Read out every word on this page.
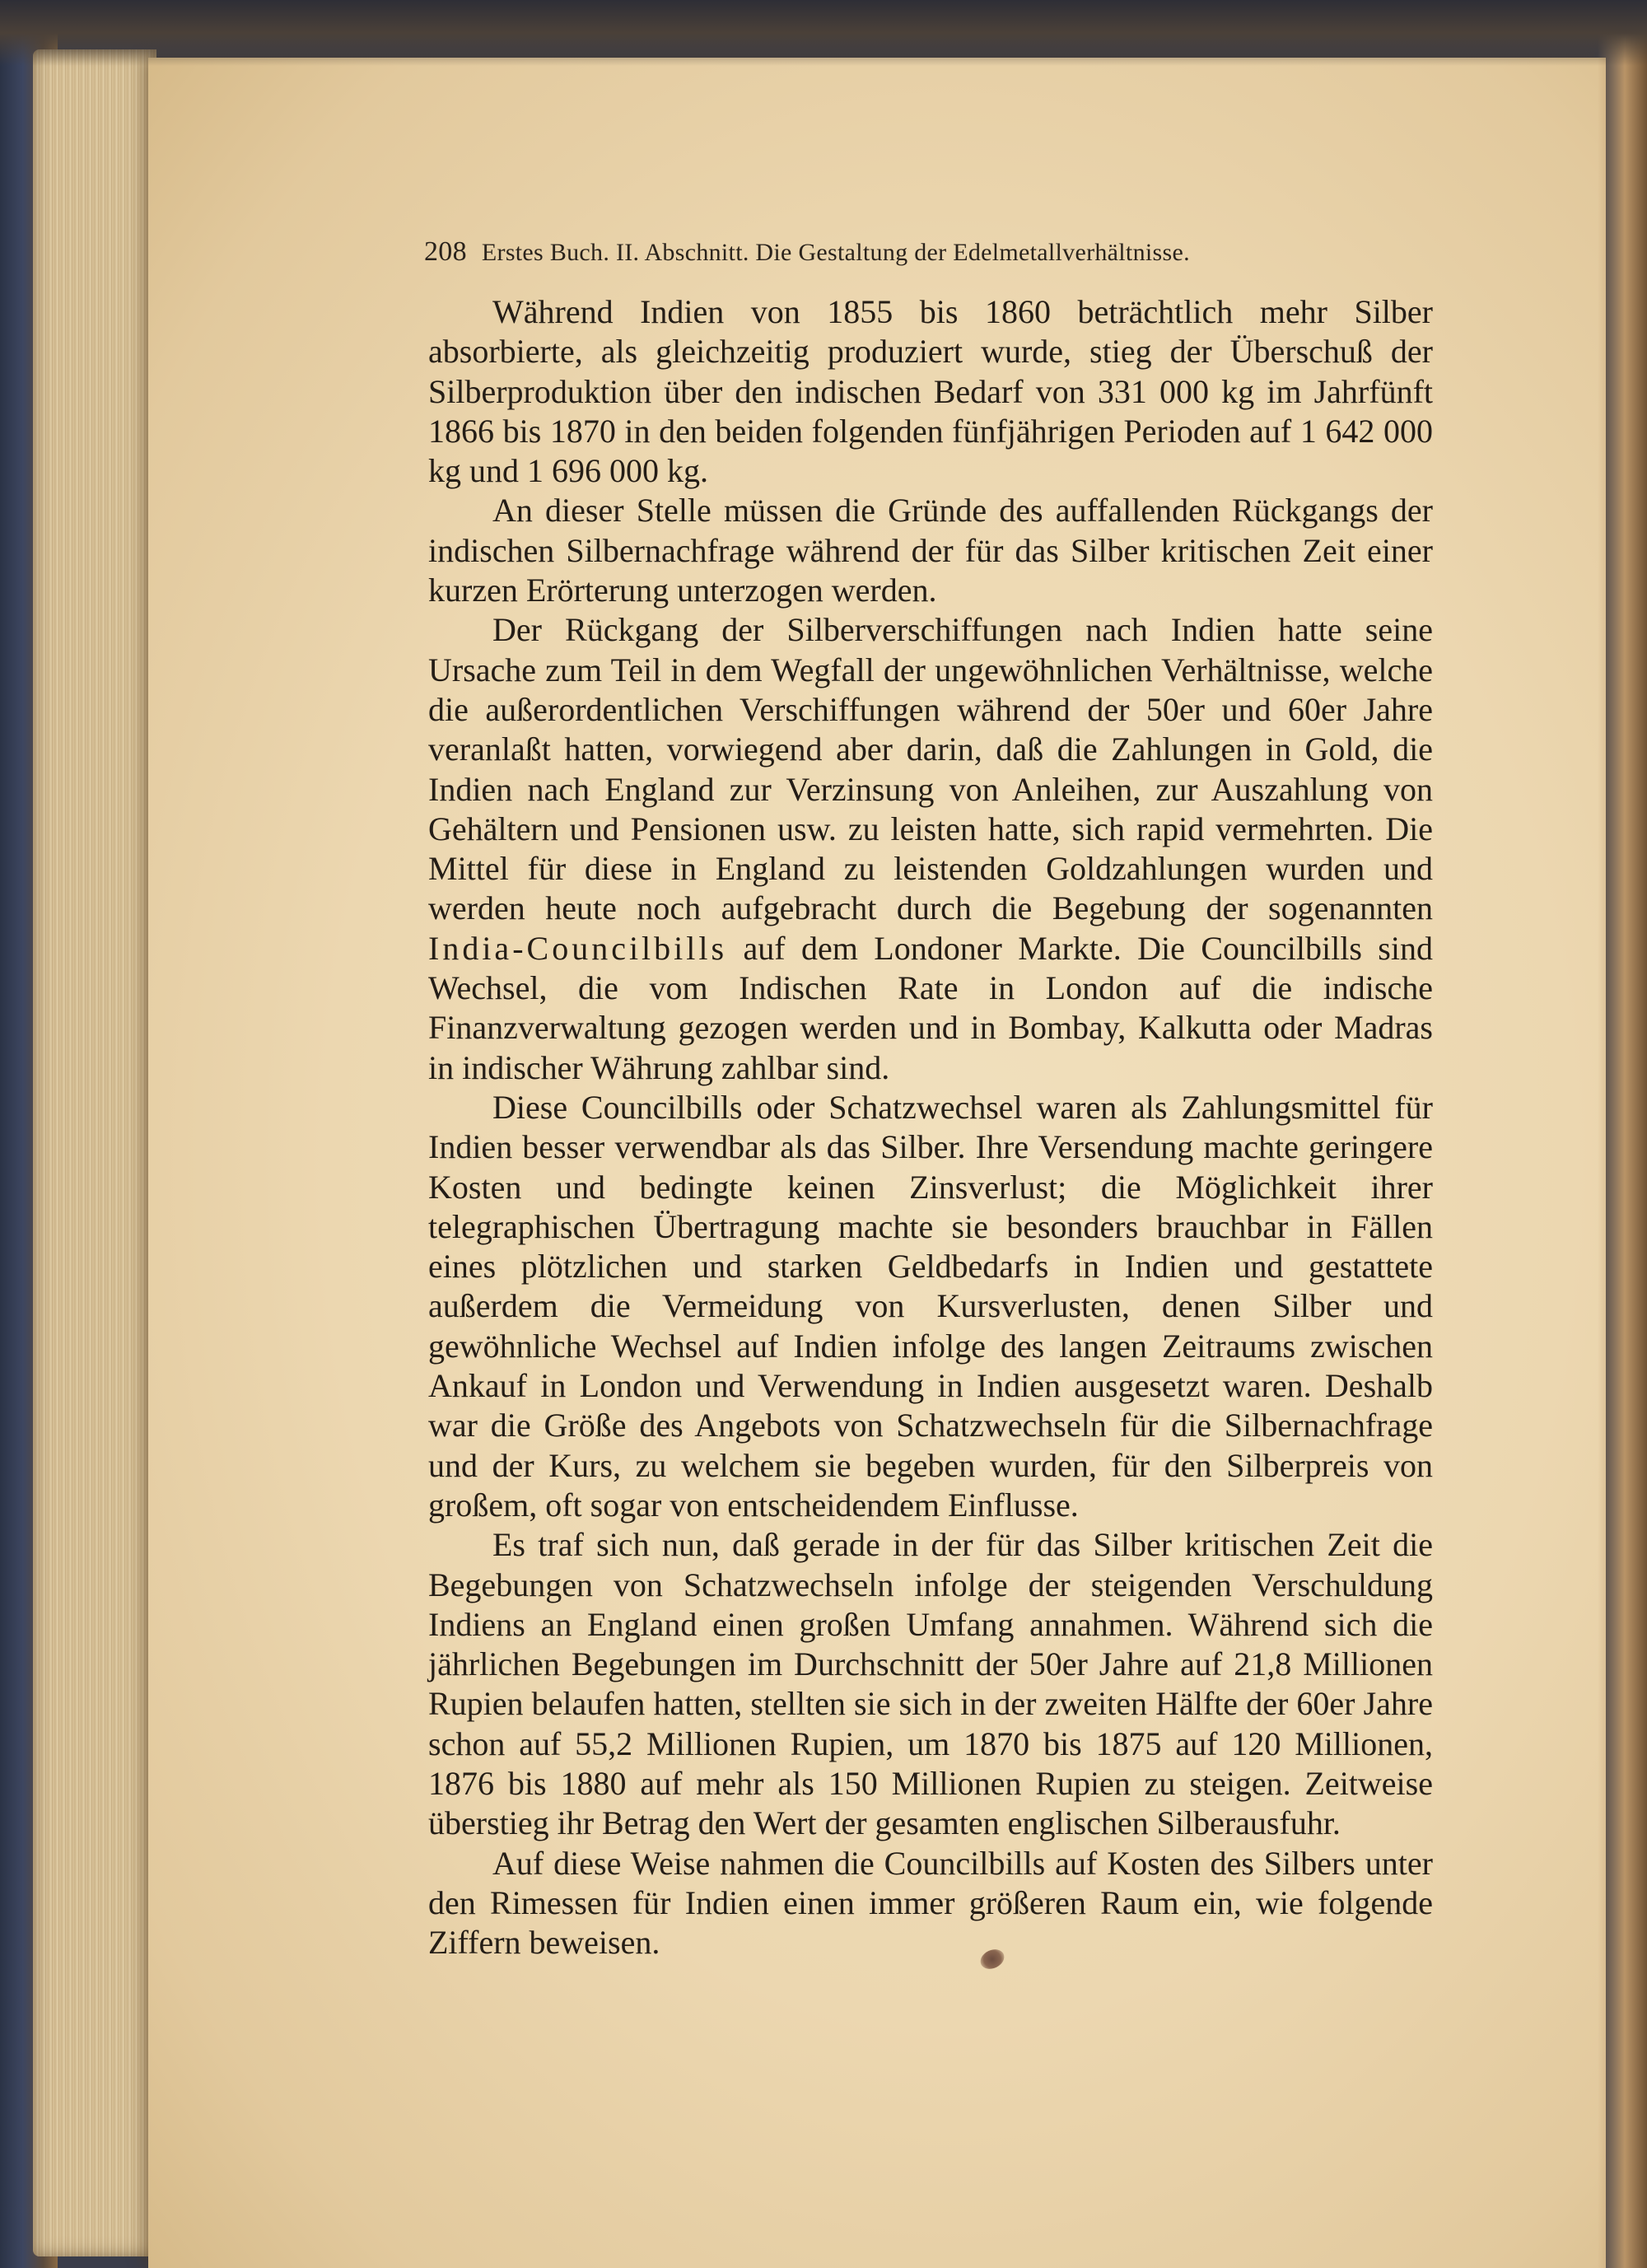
208 Erstes Buch. II. Abschnitt. Die Gestaltung der Edelmetallverhältnisse.

Während Indien von 1855 bis 1860 beträchtlich mehr Silber absorbierte, als gleichzeitig produziert wurde, stieg der Überschuß der Silberproduktion über den indischen Bedarf von 331 000 kg im Jahrfünft 1866 bis 1870 in den beiden folgenden fünfjährigen Perioden auf 1 642 000 kg und 1 696 000 kg.

An dieser Stelle müssen die Gründe des auffallenden Rückgangs der indischen Silbernachfrage während der für das Silber kritischen Zeit einer kurzen Erörterung unterzogen werden.

Der Rückgang der Silberverschiffungen nach Indien hatte seine Ursache zum Teil in dem Wegfall der ungewöhnlichen Verhältnisse, welche die außerordentlichen Verschiffungen während der 50er und 60er Jahre veranlaßt hatten, vorwiegend aber darin, daß die Zahlungen in Gold, die Indien nach England zur Verzinsung von Anleihen, zur Auszahlung von Gehältern und Pensionen usw. zu leisten hatte, sich rapid vermehrten. Die Mittel für diese in England zu leistenden Goldzahlungen wurden und werden heute noch aufgebracht durch die Begebung der sogenannten India-Councilbills auf dem Londoner Markte. Die Councilbills sind Wechsel, die vom Indischen Rate in London auf die indische Finanzverwaltung gezogen werden und in Bombay, Kalkutta oder Madras in indischer Währung zahlbar sind.

Diese Councilbills oder Schatzwechsel waren als Zahlungsmittel für Indien besser verwendbar als das Silber. Ihre Versendung machte geringere Kosten und bedingte keinen Zinsverlust; die Möglichkeit ihrer telegraphischen Übertragung machte sie besonders brauchbar in Fällen eines plötzlichen und starken Geldbedarfs in Indien und gestattete außerdem die Vermeidung von Kursverlusten, denen Silber und gewöhnliche Wechsel auf Indien infolge des langen Zeitraums zwischen Ankauf in London und Verwendung in Indien ausgesetzt waren. Deshalb war die Größe des Angebots von Schatzwechseln für die Silbernachfrage und der Kurs, zu welchem sie begeben wurden, für den Silberpreis von großem, oft sogar von entscheidendem Einflusse.

Es traf sich nun, daß gerade in der für das Silber kritischen Zeit die Begebungen von Schatzwechseln infolge der steigenden Verschuldung Indiens an England einen großen Umfang annahmen. Während sich die jährlichen Begebungen im Durchschnitt der 50er Jahre auf 21,8 Millionen Rupien belaufen hatten, stellten sie sich in der zweiten Hälfte der 60er Jahre schon auf 55,2 Millionen Rupien, um 1870 bis 1875 auf 120 Millionen, 1876 bis 1880 auf mehr als 150 Millionen Rupien zu steigen. Zeitweise überstieg ihr Betrag den Wert der gesamten englischen Silberausfuhr.

Auf diese Weise nahmen die Councilbills auf Kosten des Silbers unter den Rimessen für Indien einen immer größeren Raum ein, wie folgende Ziffern beweisen.
